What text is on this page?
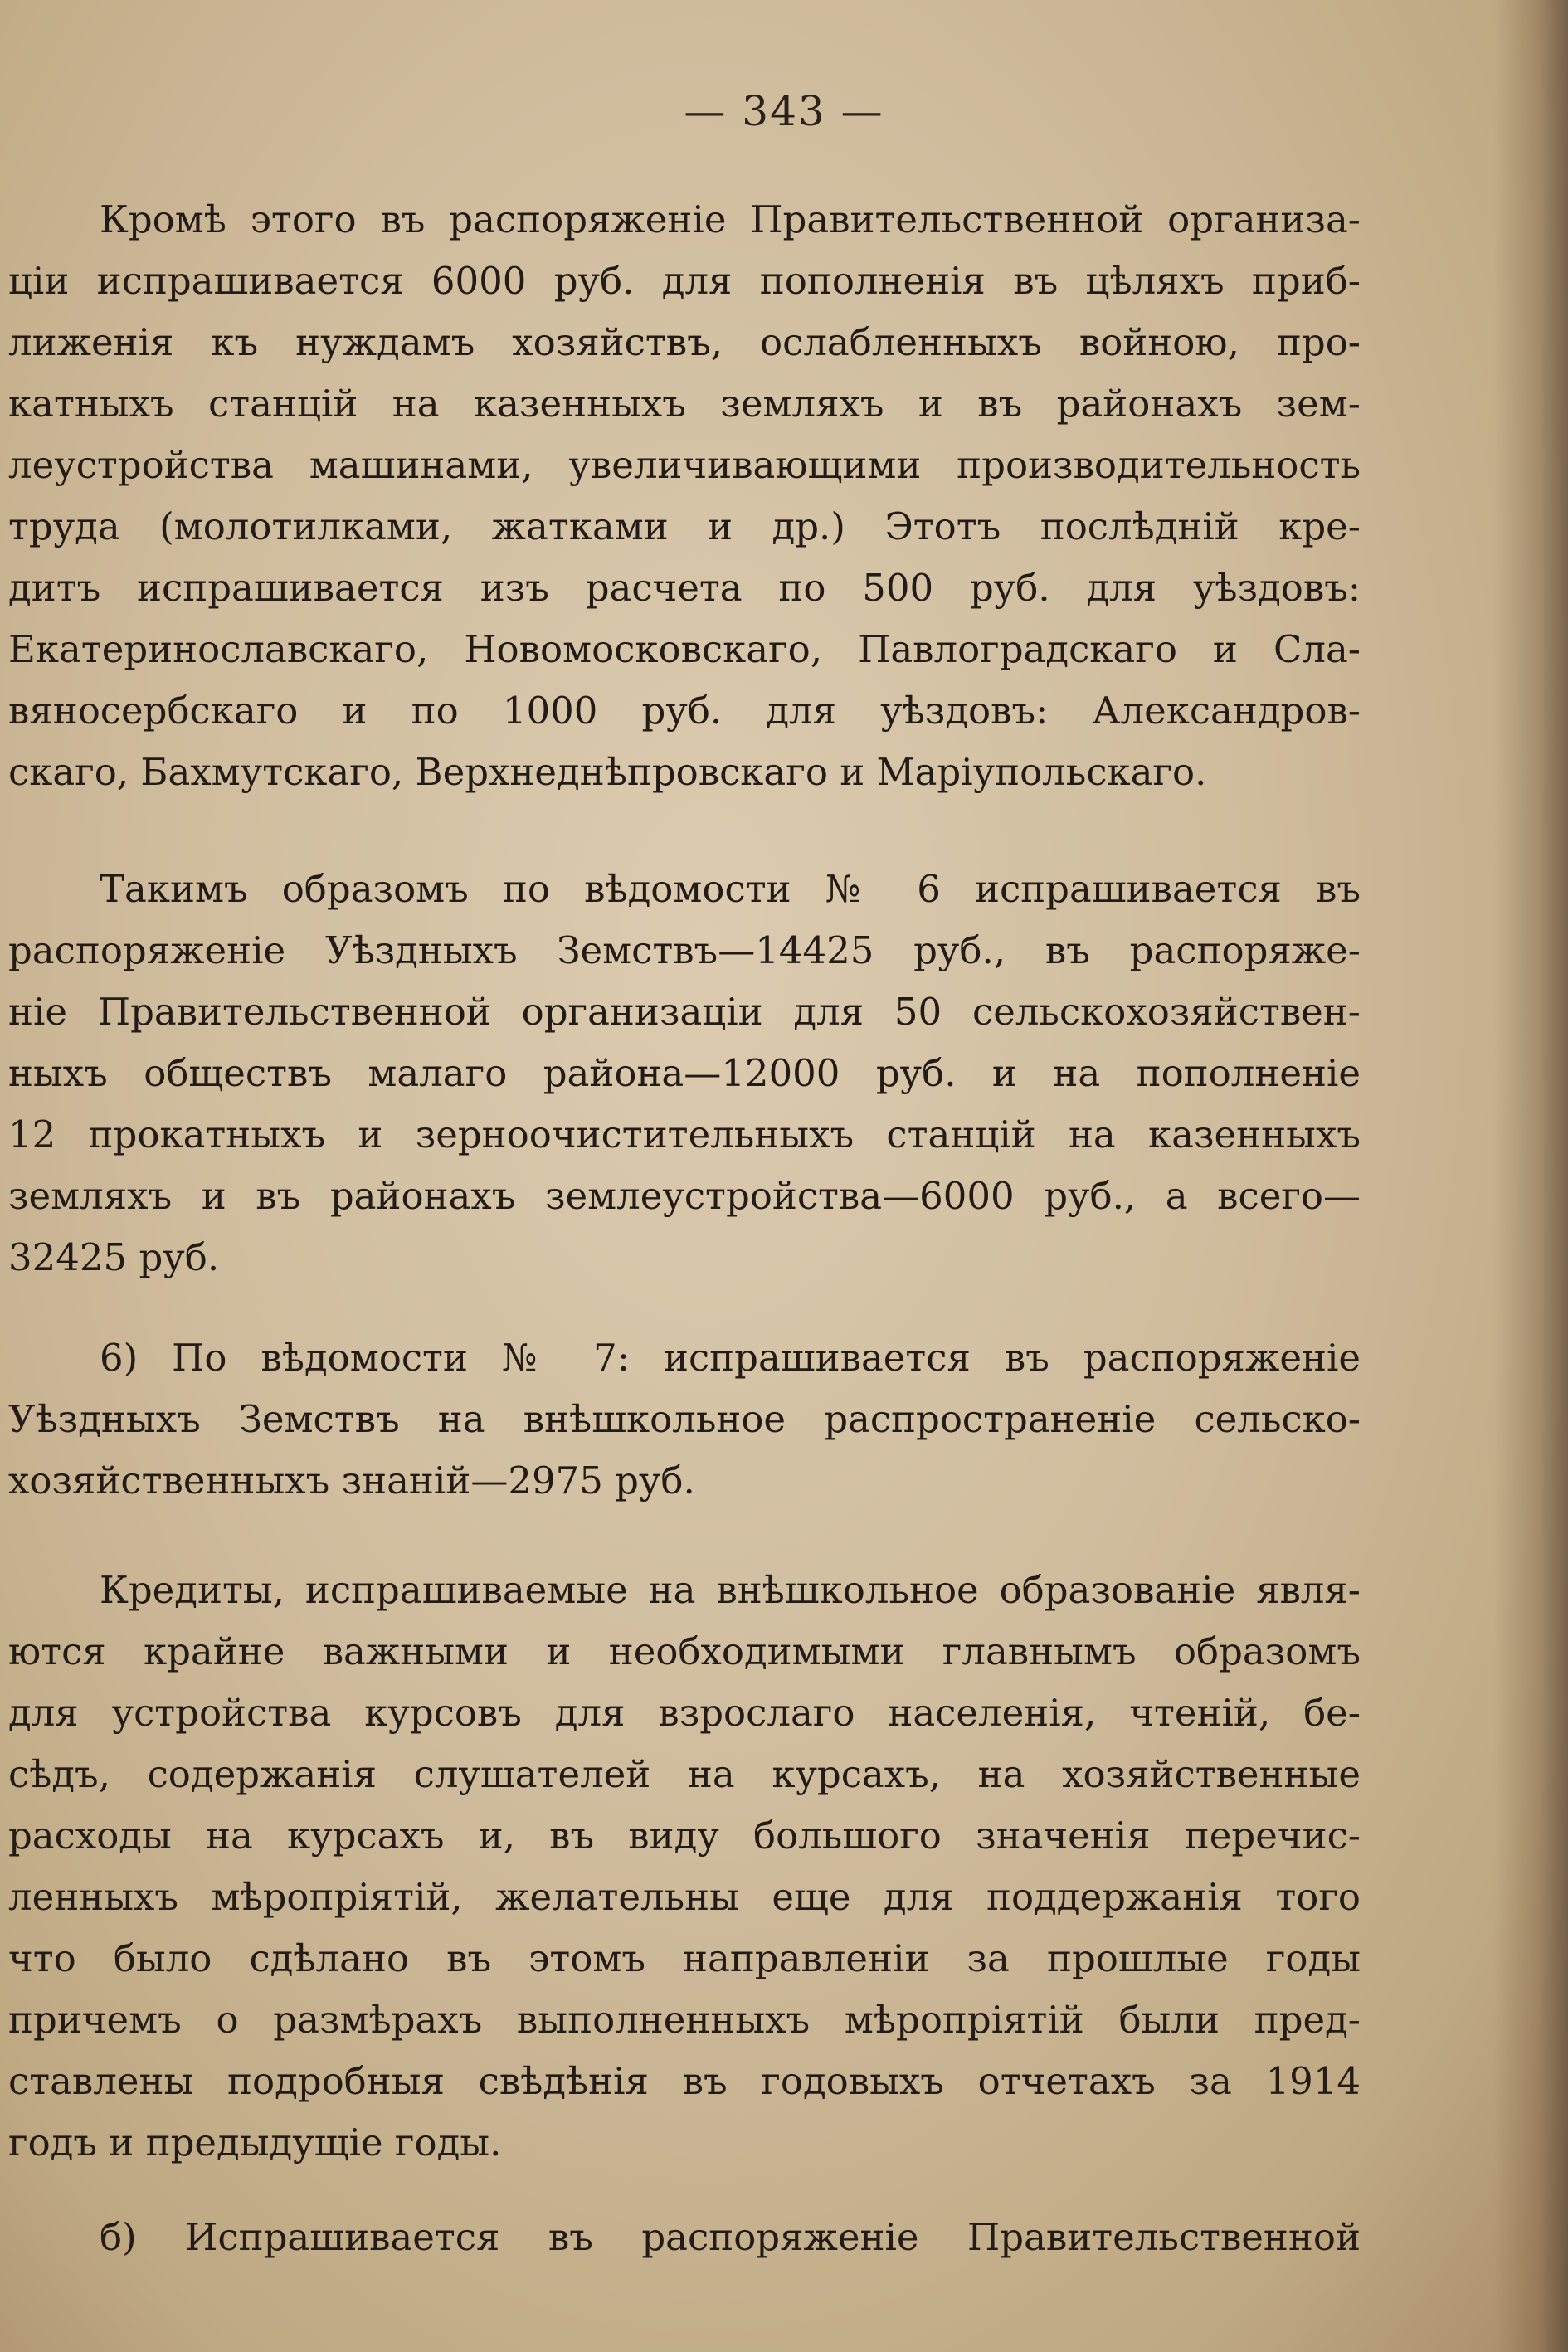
— 343 —
Кромѣ этого въ распоряженіе Правительственной организа-
ціи испрашивается 6000 руб. для пополненія въ цѣляхъ приб-
лиженія къ нуждамъ хозяйствъ, ослабленныхъ войною, про-
катныхъ станцій на казенныхъ земляхъ и въ районахъ зем-
леустройства машинами, увеличивающими производительность
труда (молотилками, жатками и др.) Этотъ послѣдній кре-
дитъ испрашивается изъ расчета по 500 руб. для уѣздовъ:
Екатеринославскаго, Новомосковскаго, Павлоградскаго и Сла-
вяносербскаго и по 1000 руб. для уѣздовъ: Александров-
скаго, Бахмутскаго, Верхнеднѣпровскаго и Маріупольскаго.
Такимъ образомъ по вѣдомости № 6 испрашивается въ
распоряженіе Уѣздныхъ Земствъ—14425 руб., въ распоряже-
ніе Правительственной организаціи для 50 сельскохозяйствен-
ныхъ обществъ малаго района—12000 руб. и на пополненіе
12 прокатныхъ и зерноочистительныхъ станцій на казенныхъ
земляхъ и въ районахъ землеустройства—6000 руб., а всего—
32425 руб.
6) По вѣдомости № 7: испрашивается въ распоряженіе
Уѣздныхъ Земствъ на внѣшкольное распространеніе сельско-
хозяйственныхъ знаній—2975 руб.
Кредиты, испрашиваемые на внѣшкольное образованіе явля-
ются крайне важными и необходимыми главнымъ образомъ
для устройства курсовъ для взрослаго населенія, чтеній, бе-
сѣдъ, содержанія слушателей на курсахъ, на хозяйственные
расходы на курсахъ и, въ виду большого значенія перечис-
ленныхъ мѣропріятій, желательны еще для поддержанія того
что было сдѣлано въ этомъ направленіи за прошлые годы
причемъ о размѣрахъ выполненныхъ мѣропріятій были пред-
ставлены подробныя свѣдѣнія въ годовыхъ отчетахъ за 1914
годъ и предыдущіе годы.
б) Испрашивается въ распоряженіе Правительственной
